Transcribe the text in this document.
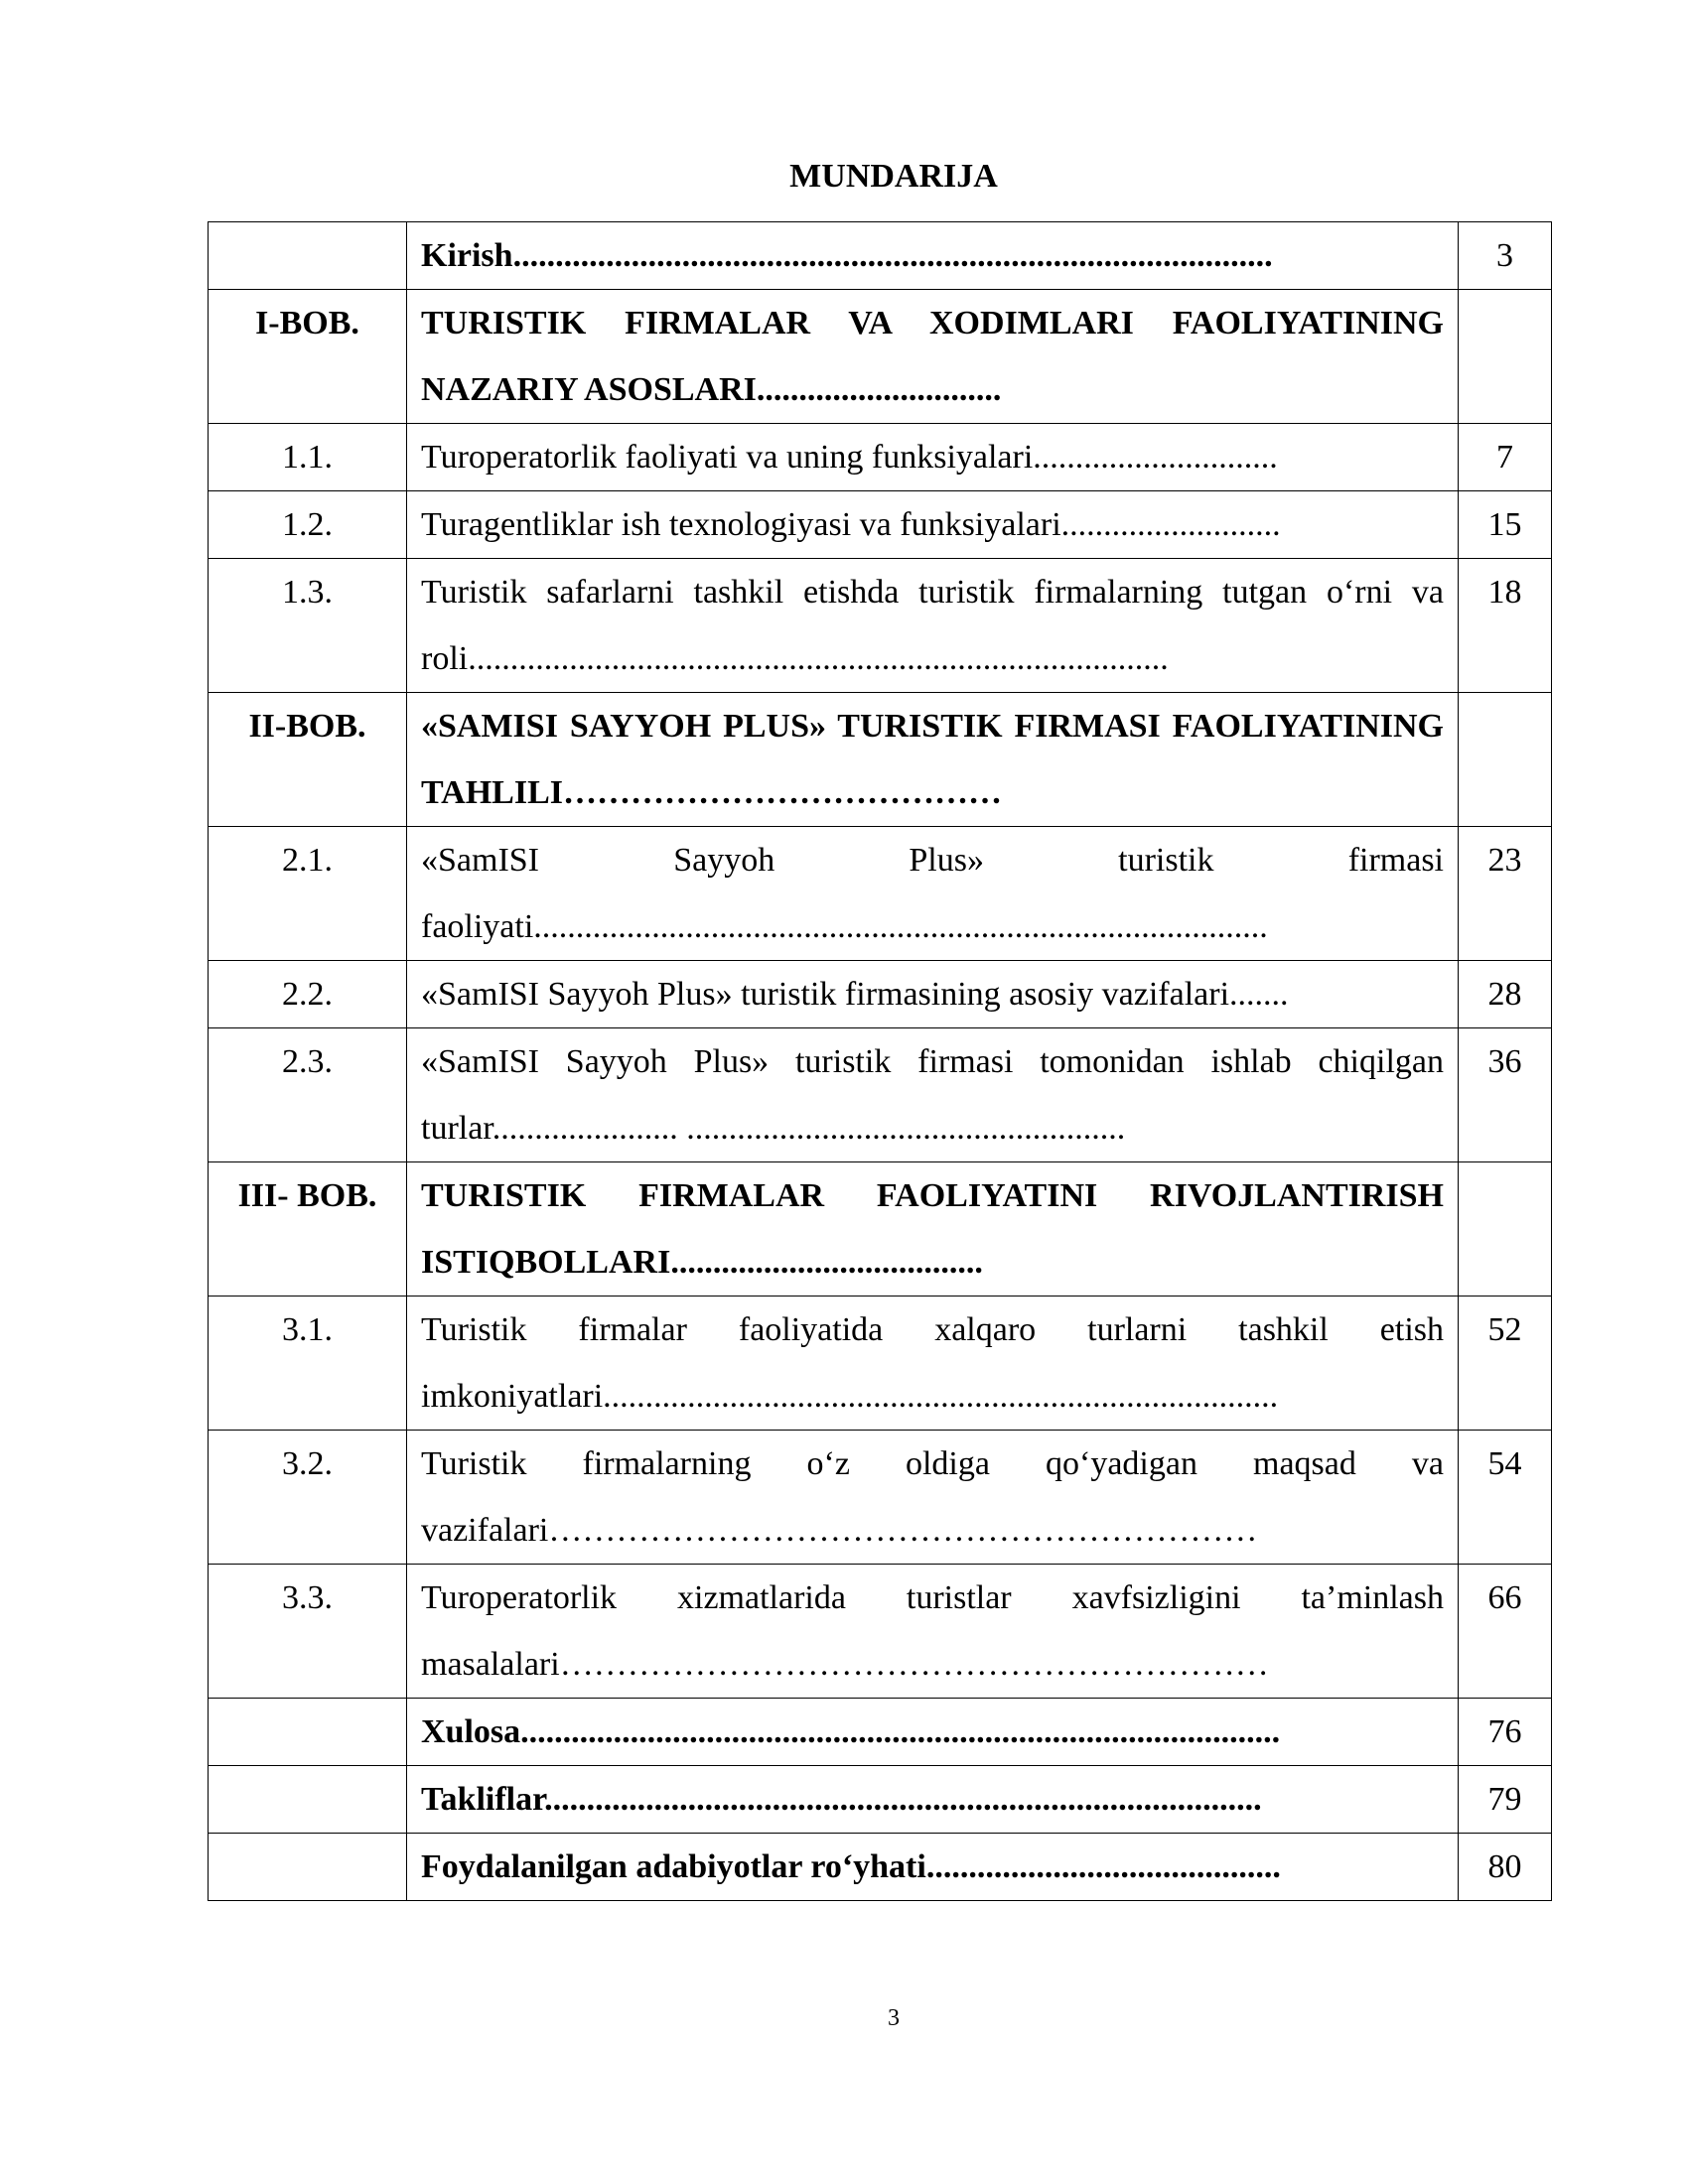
MUNDARIJA

	Kirish..........................................................................................	3
I-BOB.	TURISTIK FIRMALAR VA XODIMLARI FAOLIYATINING NAZARIY ASOSLARI.............................	

1.1.	Turoperatorlik faoliyati va uning funksiyalari.............................	7
1.2.	Turagentliklar ish texnologiyasi va funksiyalari..........................	15
1.3.	Turistik safarlarni tashkil etishda turistik firmalarning tutgan o‘rni va roli...................................................................................	18
II-BOB.	«SAMISI SAYYOH PLUS» TURISTIK FIRMASI FAOLIYATINING TAHLILI…………………………………	

2.1.	«SamISI Sayyoh Plus» turistik firmasi faoliyati.......................................................................................	23
2.2.	«SamISI Sayyoh Plus» turistik firmasining asosiy vazifalari.......	28
2.3.	«SamISI Sayyoh Plus» turistik firmasi tomonidan ishlab chiqilgan turlar...................... ....................................................	36
III- BOB.	TURISTIK FIRMALAR FAOLIYATINI RIVOJLANTIRISH ISTIQBOLLARI.....................................	

3.1.	Turistik firmalar faoliyatida xalqaro turlarni tashkil etish imkoniyatlari................................................................................	52
3.2.	Turistik firmalarning o‘z oldiga qo‘yadigan maqsad va vazifalari………………………………………………………	54
3.3.	Turoperatorlik xizmatlarida turistlar xavfsizligini ta’minlash masalalari………………………………………………………	66

	Xulosa..........................................................................................	76

	Takliflar.....................................................................................	79

	Foydalanilgan adabiyotlar ro‘yhati..........................................	80
3
